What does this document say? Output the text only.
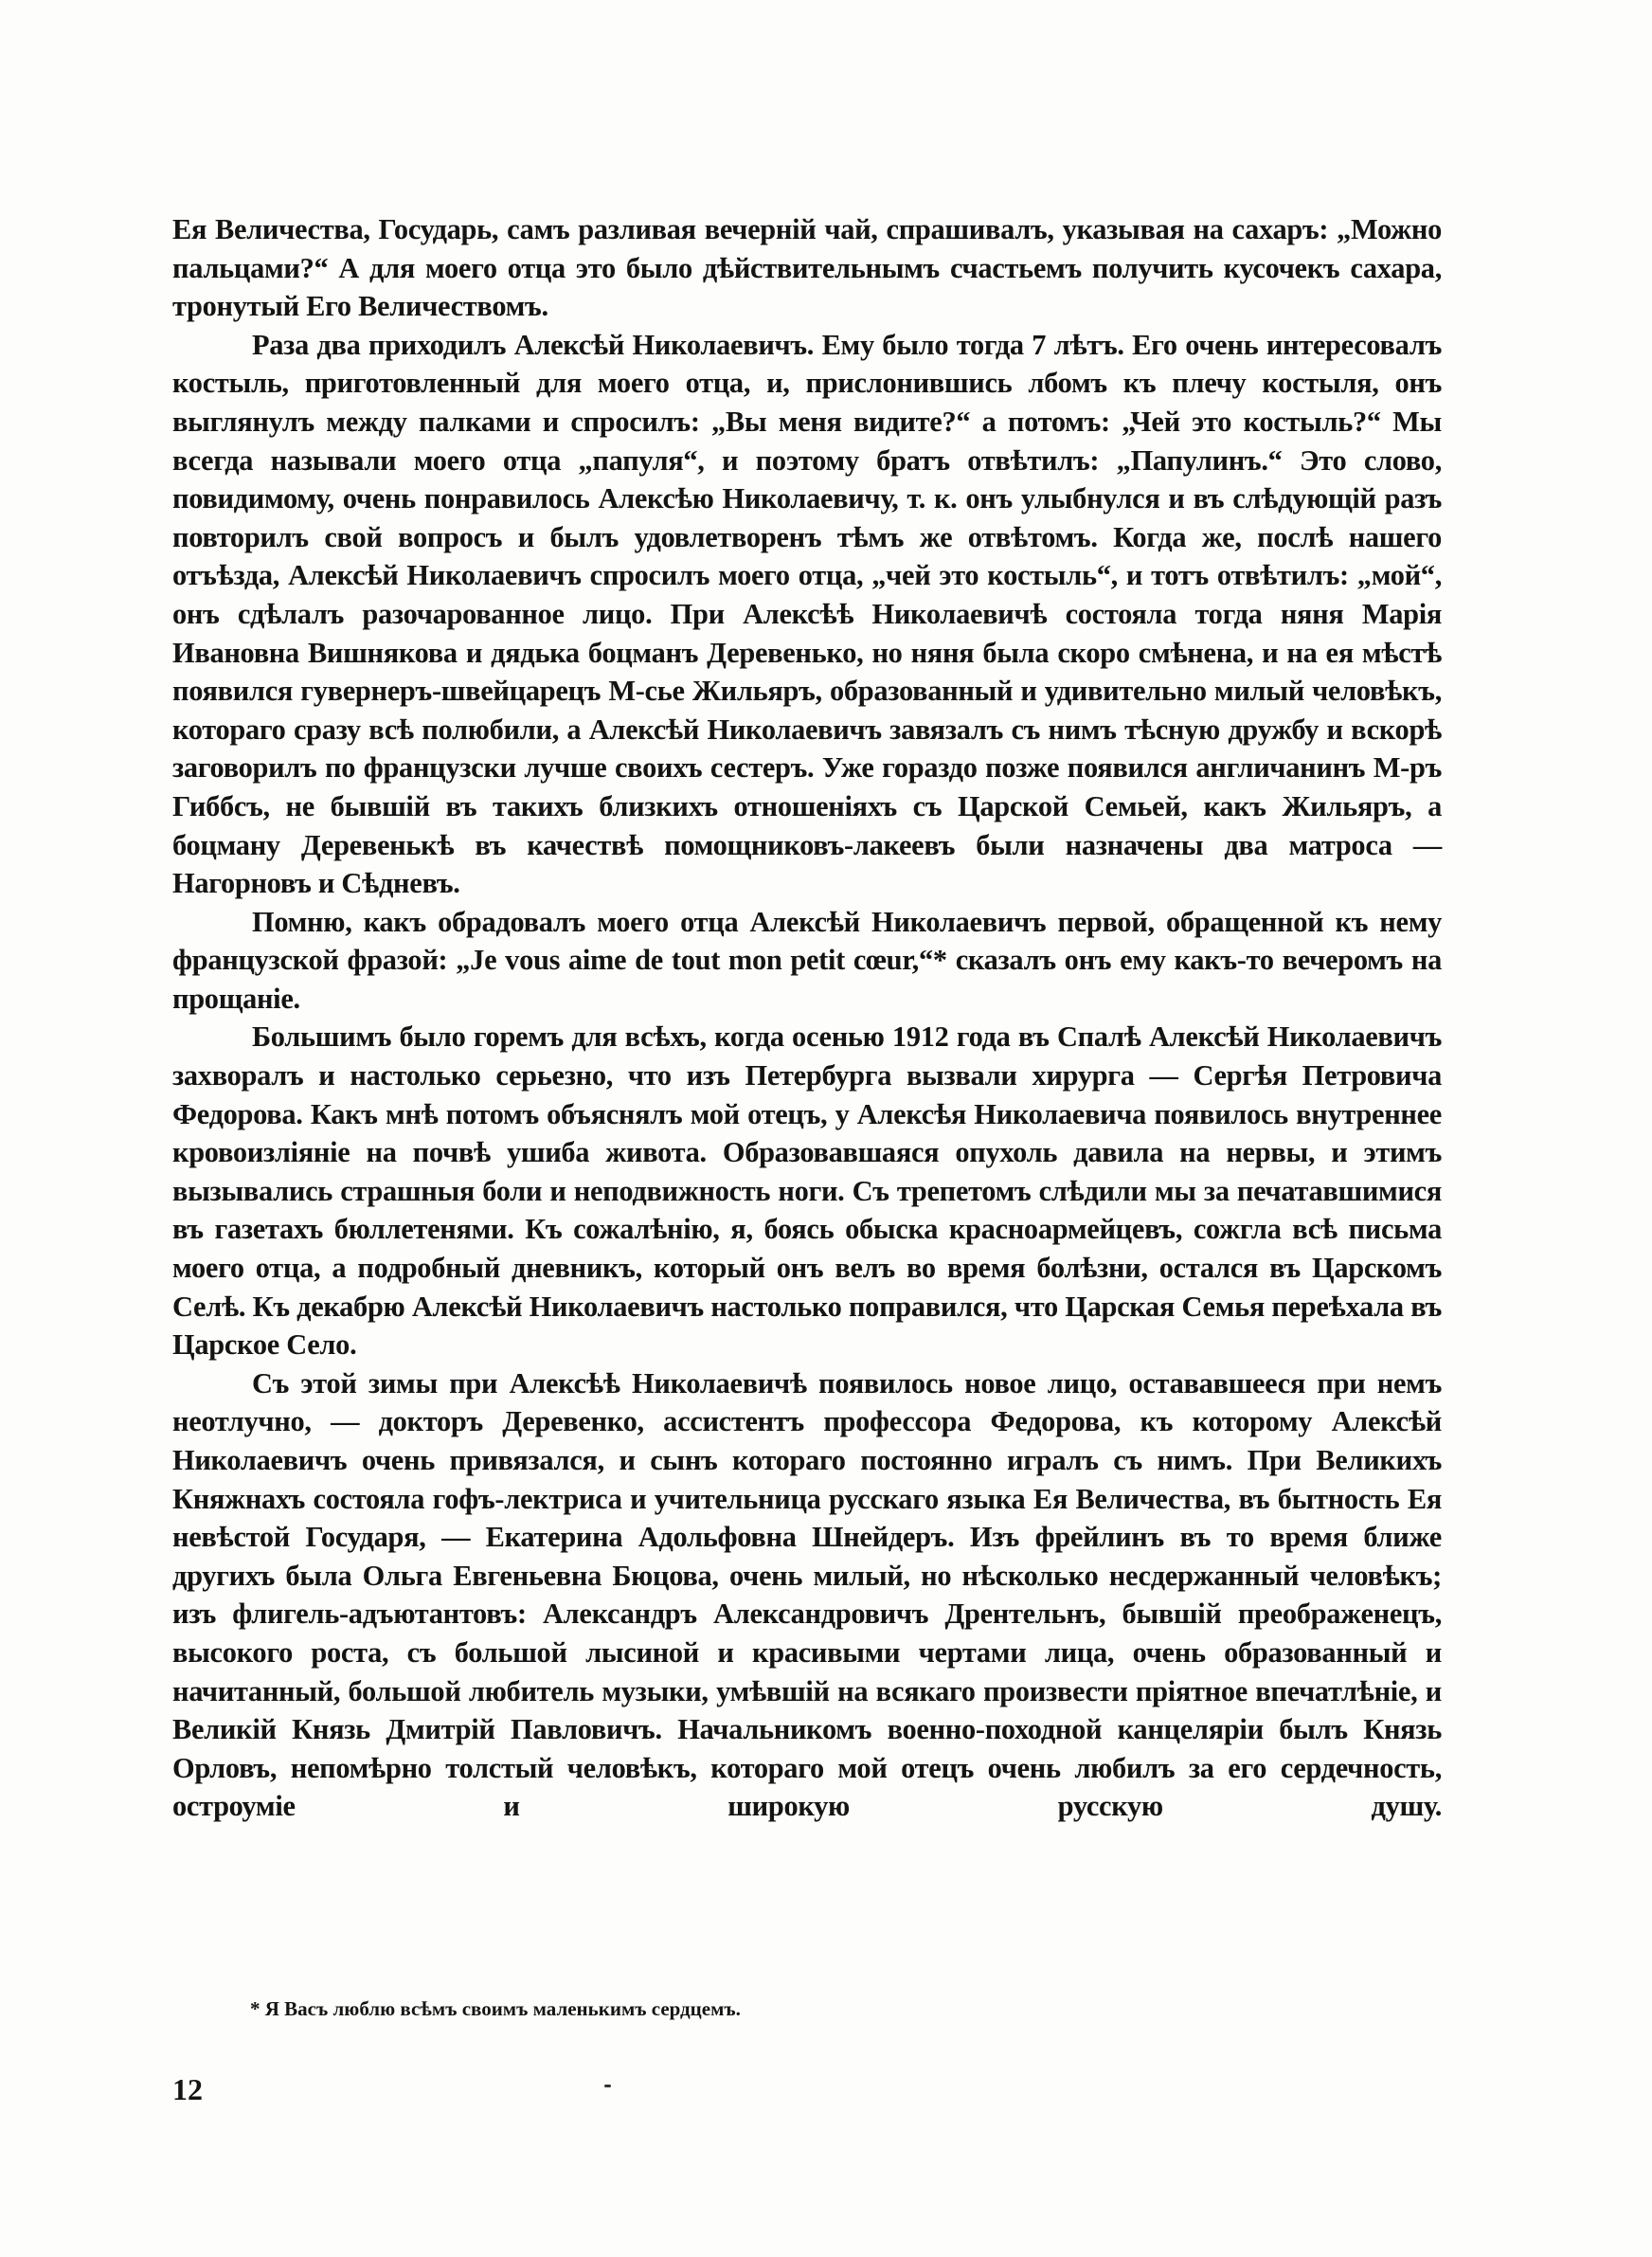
Ея Величества, Государь, самъ разливая вечерній чай, спрашивалъ, указывая на сахаръ: „Можно пальцами?“ А для моего отца это было дѣйствительнымъ счастьемъ получить кусочекъ сахара, тронутый Его Величествомъ.

Раза два приходилъ Алексѣй Николаевичъ. Ему было тогда 7 лѣтъ. Его очень интересовалъ костыль, приготовленный для моего отца, и, прислонившись лбомъ къ плечу костыля, онъ выглянулъ между палками и спросилъ: „Вы меня видите?“ а потомъ: „Чей это костыль?“ Мы всегда называли моего отца „папуля“, и поэтому братъ отвѣтилъ: „Папулинъ.“ Это слово, повидимому, очень понравилось Алексѣю Николаевичу, т. к. онъ улыбнулся и въ слѣдующій разъ повторилъ свой вопросъ и былъ удовлетворенъ тѣмъ же отвѣтомъ. Когда же, послѣ нашего отъѣзда, Алексѣй Николаевичъ спросилъ моего отца, „чей это костыль“, и тотъ отвѣтилъ: „мой“, онъ сдѣлалъ разочарованное лицо. При Алексѣѣ Николаевичѣ состояла тогда няня Марія Ивановна Вишнякова и дядька боцманъ Деревенько, но няня была скоро смѣнена, и на ея мѣстѣ появился гувернеръ-швейцарецъ М-сье Жильяръ, образованный и удивительно милый человѣкъ, котораго сразу всѣ полюбили, а Алексѣй Николаевичъ завязалъ съ нимъ тѣсную дружбу и вскорѣ заговорилъ по французски лучше своихъ сестеръ. Уже гораздо позже появился англичанинъ М-ръ Гиббсъ, не бывшій въ такихъ близкихъ отношеніяхъ съ Царской Семьей, какъ Жильяръ, а боцману Деревенькѣ въ качествѣ помощниковъ-лакеевъ были назначены два матроса — Нагорновъ и Сѣдневъ.

Помню, какъ обрадовалъ моего отца Алексѣй Николаевичъ первой, обращенной къ нему французской фразой: „Je vous aime de tout mon petit cœur,“* сказалъ онъ ему какъ-то вечеромъ на прощаніе.

Большимъ было горемъ для всѣхъ, когда осенью 1912 года въ Спалѣ Алексѣй Николаевичъ захворалъ и настолько серьезно, что изъ Петербурга вызвали хирурга — Сергѣя Петровича Федорова. Какъ мнѣ потомъ объяснялъ мой отецъ, у Алексѣя Николаевича появилось внутреннее кровоизліяніе на почвѣ ушиба живота. Образовавшаяся опухоль давила на нервы, и этимъ вызывались страшныя боли и неподвижность ноги. Съ трепетомъ слѣдили мы за печатавшимися въ газетахъ бюллетенями. Къ сожалѣнію, я, боясь обыска красноармейцевъ, сожгла всѣ письма моего отца, а подробный дневникъ, который онъ велъ во время болѣзни, остался въ Царскомъ Селѣ. Къ декабрю Алексѣй Николаевичъ настолько поправился, что Царская Семья переѣхала въ Царское Село.

Съ этой зимы при Алексѣѣ Николаевичѣ появилось новое лицо, остававшееся при немъ неотлучно, — докторъ Деревенко, ассистентъ профессора Федорова, къ которому Алексѣй Николаевичъ очень привязался, и сынъ котораго постоянно игралъ съ нимъ. При Великихъ Княжнахъ состояла гофъ-лектриса и учительница русскаго языка Ея Величества, въ бытность Ея невѣстой Государя, — Екатерина Адольфовна Шнейдеръ. Изъ фрейлинъ въ то время ближе другихъ была Ольга Евгеньевна Бюцова, очень милый, но нѣсколько несдержанный человѣкъ; изъ флигель-адъютантовъ: Александръ Александровичъ Дрентельнъ, бывшій преображенецъ, высокого роста, съ большой лысиной и красивыми чертами лица, очень образованный и начитанный, большой любитель музыки, умѣвшій на всякаго произвести пріятное впечатлѣніе, и Великій Князь Дмитрій Павловичъ. Начальникомъ военно-походной канцеляріи былъ Князь Орловъ, непомѣрно толстый человѣкъ, котораго мой отецъ очень любилъ за его сердечность, остроуміе и широкую русскую душу.

* Я Васъ люблю всѣмъ своимъ маленькимъ сердцемъ.
12
